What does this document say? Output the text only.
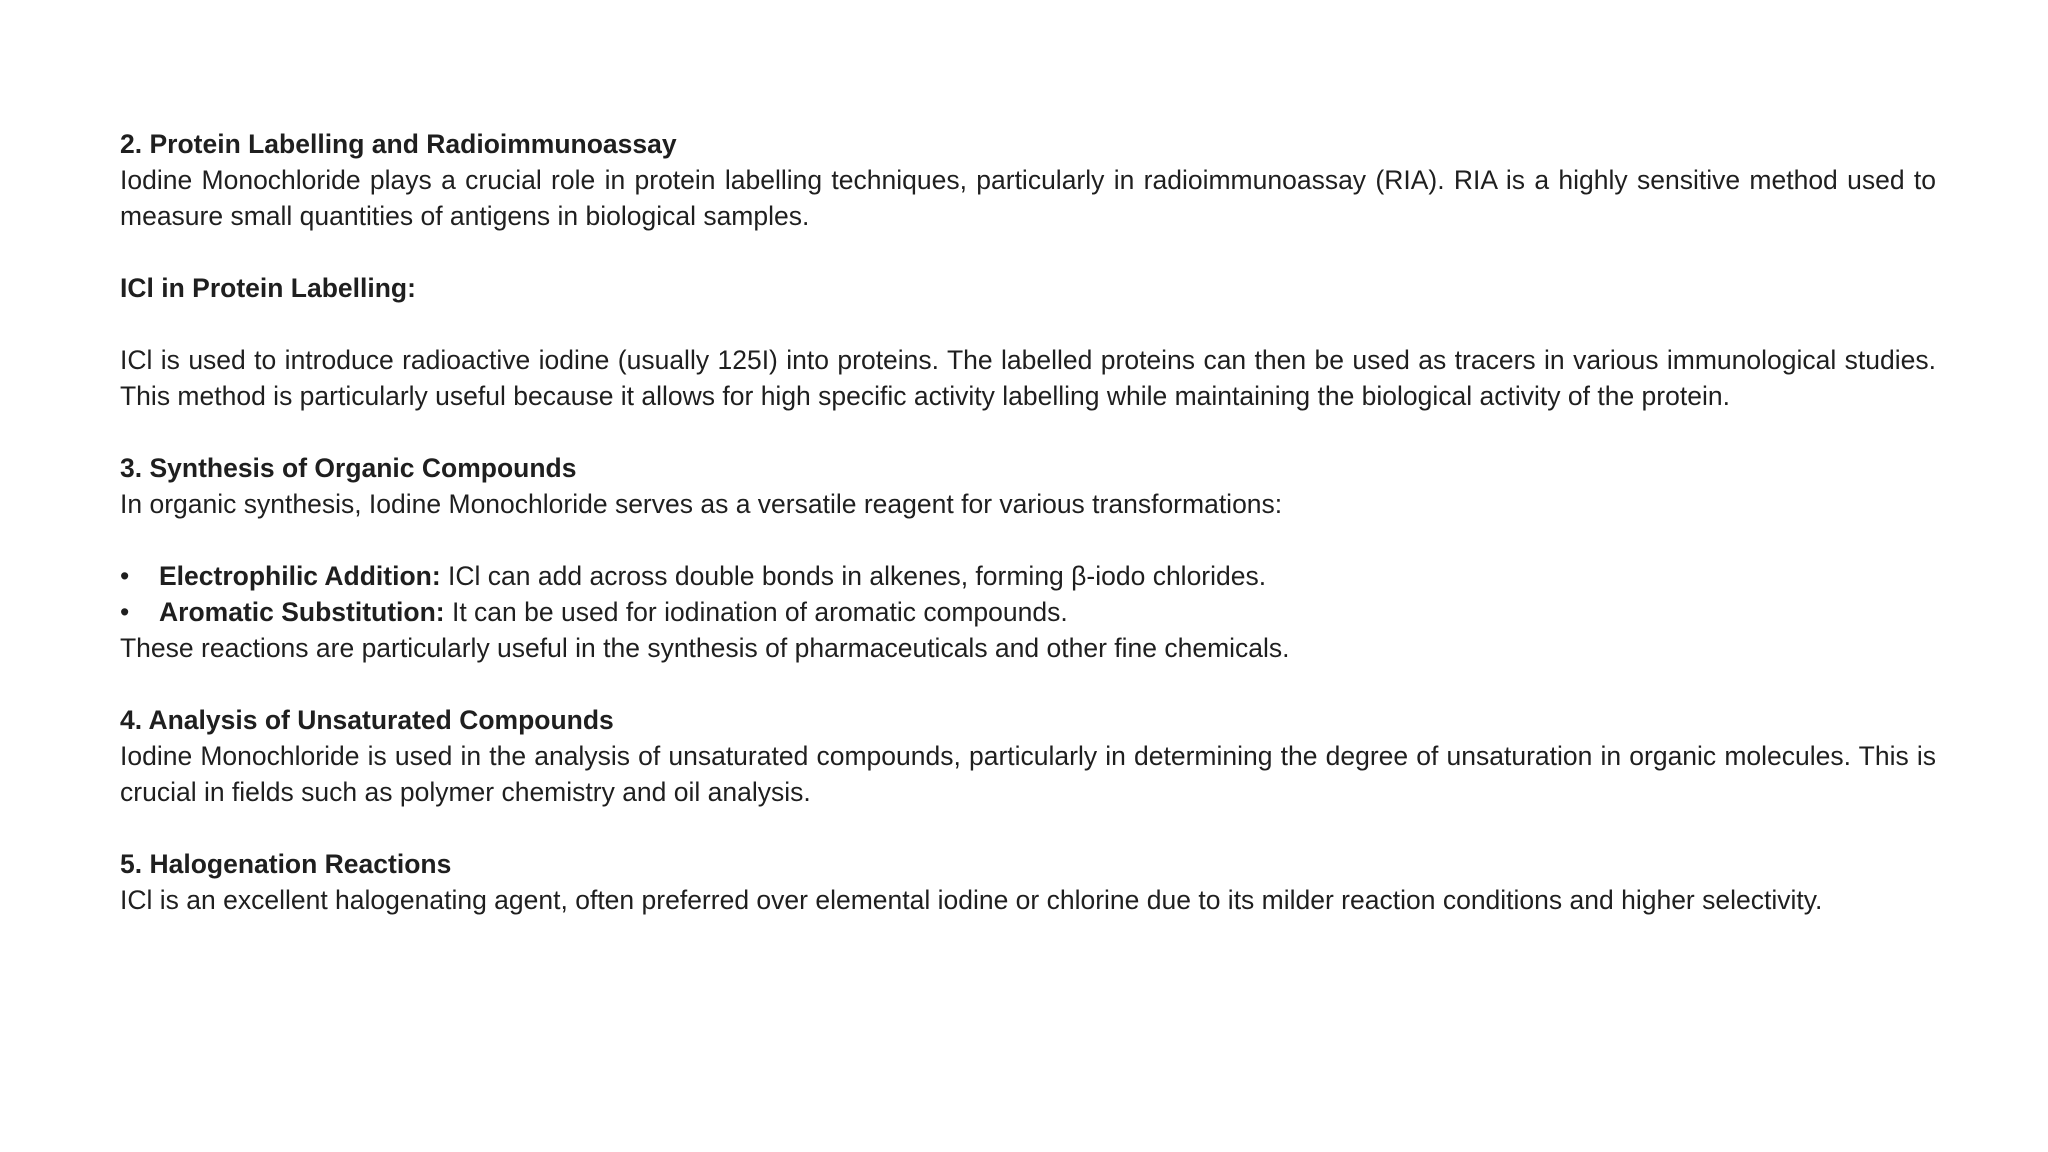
2. Protein Labelling and Radioimmunoassay

Iodine Monochloride plays a crucial role in protein labelling techniques, particularly in radioimmunoassay (RIA). RIA is a highly sensitive method used to measure small quantities of antigens in biological samples.

ICl in Protein Labelling:

ICl is used to introduce radioactive iodine (usually 125I) into proteins. The labelled proteins can then be used as tracers in various immunological studies. This method is particularly useful because it allows for high specific activity labelling while maintaining the biological activity of the protein.

3. Synthesis of Organic Compounds

In organic synthesis, Iodine Monochloride serves as a versatile reagent for various transformations:

• Electrophilic Addition: ICl can add across double bonds in alkenes, forming β-iodo chlorides.
• Aromatic Substitution: It can be used for iodination of aromatic compounds.

These reactions are particularly useful in the synthesis of pharmaceuticals and other fine chemicals.

4. Analysis of Unsaturated Compounds

Iodine Monochloride is used in the analysis of unsaturated compounds, particularly in determining the degree of unsaturation in organic molecules. This is crucial in fields such as polymer chemistry and oil analysis.

5. Halogenation Reactions

ICl is an excellent halogenating agent, often preferred over elemental iodine or chlorine due to its milder reaction conditions and higher selectivity.
